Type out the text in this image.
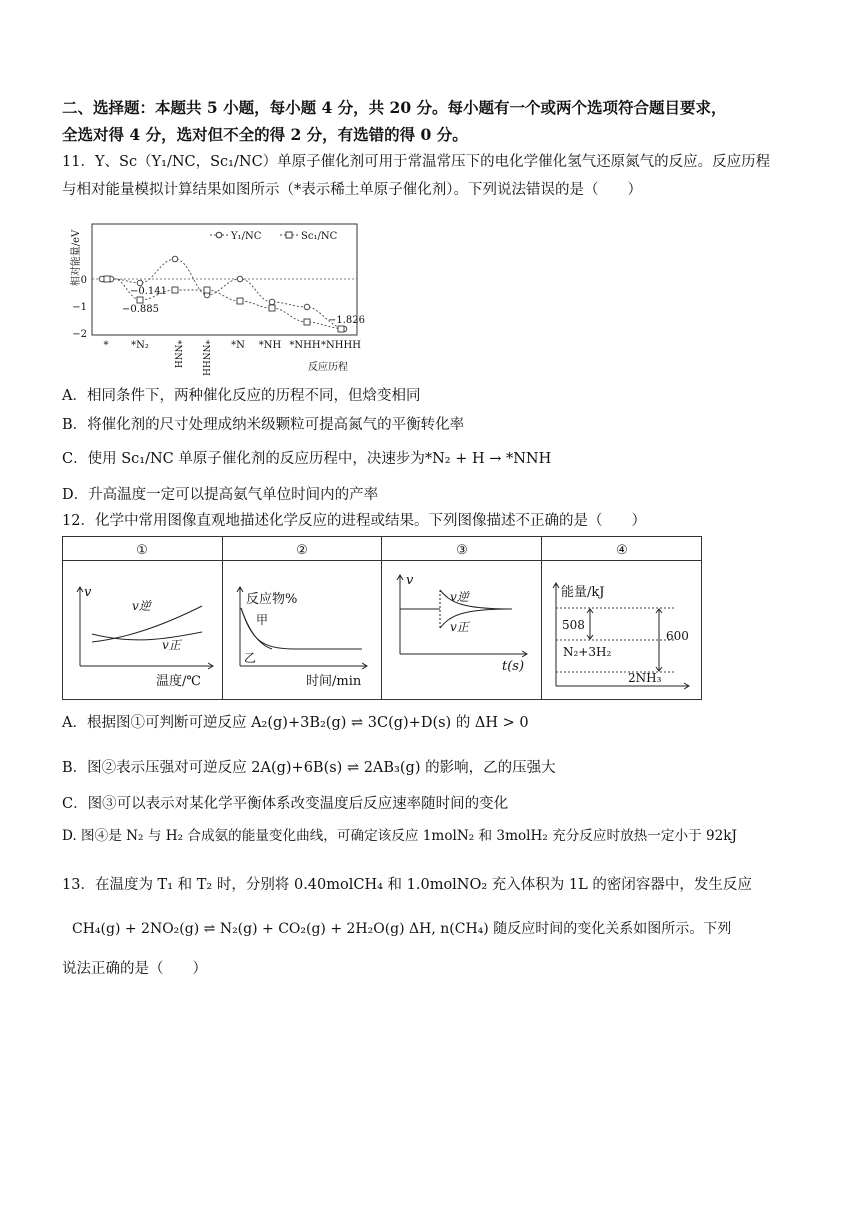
二、选择题：本题共 5 小题，每小题 4 分，共 20 分。每小题有一个或两个选项符合题目要求，
全选对得 4 分，选对但不全的得 2 分，有选错的得 0 分。
11．Y、Sc（Y₁/NC，Sc₁/NC）单原子催化剂可用于常温常压下的电化学催化氢气还原氮气的反应。反应历程
与相对能量模拟计算结果如图所示（*表示稀土单原子催化剂）。下列说法错误的是（　　）
相对能量/eV
0
−1
−2
Y₁/NC	Sc₁/NC
−0.141
−0.885
−1.826
* *N₂	*NNH *NNHH *N *NH *NHH *NHHH
反应历程
A．相同条件下，两种催化反应的历程不同，但焓变相同
B．将催化剂的尺寸处理成纳米级颗粒可提高氮气的平衡转化率
C．使用 Sc₁/NC 单原子催化剂的反应历程中，决速步为*N₂ + H → *NNH
D．升高温度一定可以提高氨气单位时间内的产率
12．化学中常用图像直观地描述化学反应的进程或结果。下列图像描述不正确的是（　　）
①	②	③	④
v
v逆
v正
温度/℃
反应物%
甲
乙
时间/min
v
v逆
v正
t(s)
能量/kJ
508
600
N₂+3H₂
2NH₃
A．根据图①可判断可逆反应 A₂(g)+3B₂(g) ⇌ 3C(g)+D(s) 的 ΔH > 0
B．图②表示压强对可逆反应 2A(g)+6B(s) ⇌ 2AB₃(g) 的影响，乙的压强大
C．图③可以表示对某化学平衡体系改变温度后反应速率随时间的变化
D. 图④是 N₂ 与 H₂ 合成氨的能量变化曲线，可确定该反应 1molN₂ 和 3molH₂ 充分反应时放热一定小于 92kJ
13．在温度为 T₁ 和 T₂ 时，分别将 0.40molCH₄ 和 1.0molNO₂ 充入体积为 1L 的密闭容器中，发生反应
CH₄(g) + 2NO₂(g) ⇌ N₂(g) + CO₂(g) + 2H₂O(g) ΔH, n(CH₄) 随反应时间的变化关系如图所示。下列
说法正确的是（　　）
